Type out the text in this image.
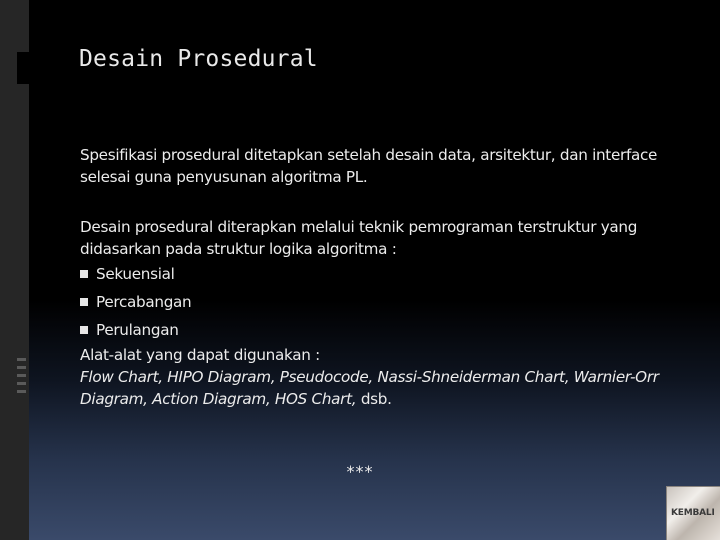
Desain Prosedural

Spesifikasi prosedural ditetapkan setelah desain data, arsitektur, dan interface selesai guna penyusunan algoritma PL.

Desain prosedural diterapkan melalui teknik pemrograman terstruktur yang didasarkan pada struktur logika algoritma :

Sekuensial
Percabangan
Perulangan

Alat-alat yang dapat digunakan :

Flow Chart, HIPO Diagram, Pseudocode, Nassi-Shneiderman Chart, Warnier-Orr Diagram, Action Diagram, HOS Chart, dsb.

***
KEMBALI
